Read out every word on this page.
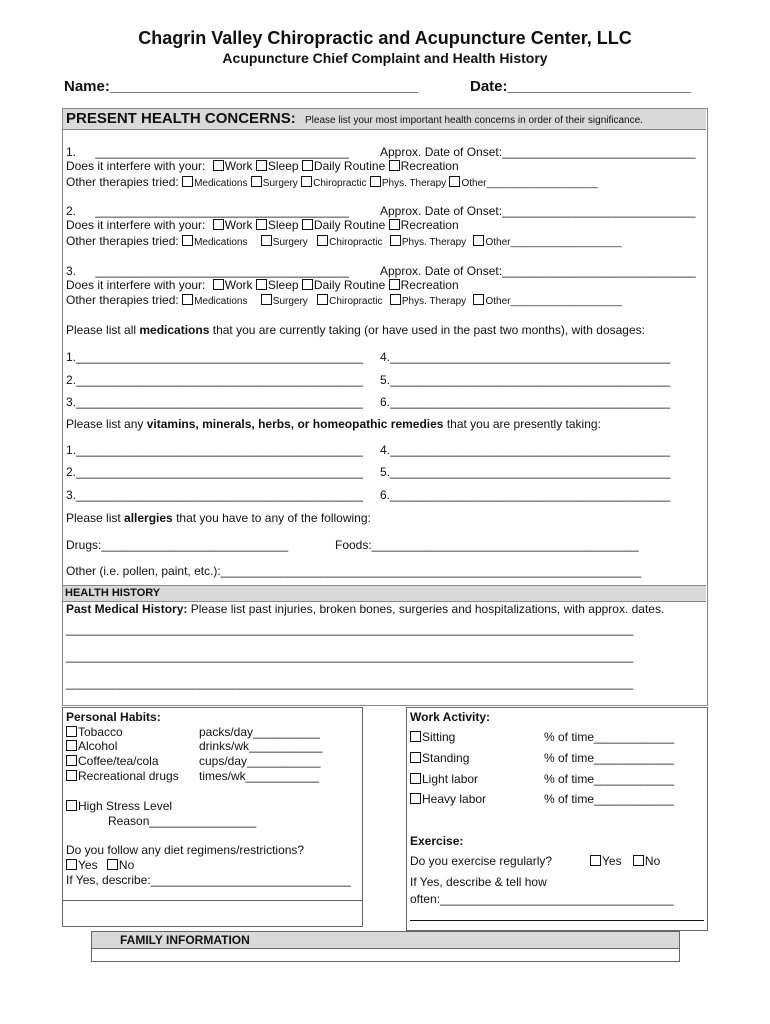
Chagrin Valley Chiropractic and Acupuncture Center, LLC
Acupuncture Chief Complaint and Health History
Name:_____________________________________	Date:______________________
PRESENT HEALTH CONCERNS: Please list your most important health concerns in order of their significance.
1. ______________________________________	Approx. Date of Onset:_____________________________
Does it interfere with your: Work Sleep Daily Routine Recreation
Other therapies tried: Medications Surgery Chiropractic Phys. Therapy Other____________________
2. ______________________________________	Approx. Date of Onset:_____________________________
Does it interfere with your: Work Sleep Daily Routine Recreation
Other therapies tried: Medications	Surgery Chiropractic Phys. Therapy Other____________________
3. ______________________________________	Approx. Date of Onset:_____________________________
Does it interfere with your: Work Sleep Daily Routine Recreation
Other therapies tried: Medications	Surgery Chiropractic Phys. Therapy Other____________________
Please list all medications that you are currently taking (or have used in the past two months), with dosages:
1.___________________________________________
2.___________________________________________
3.___________________________________________
4.__________________________________________
5.__________________________________________
6.__________________________________________
Please list any vitamins, minerals, herbs, or homeopathic remedies that you are presently taking:
1.___________________________________________
2.___________________________________________
3.___________________________________________
4.__________________________________________
5.__________________________________________
6.__________________________________________
Please list allergies that you have to any of the following:
Drugs:____________________________	Foods:________________________________________
Other (i.e. pollen, paint, etc.):_______________________________________________________________
HEALTH HISTORY
Past Medical History: Please list past injuries, broken bones, surgeries and hospitalizations, with approx. dates.
_____________________________________________________________________________________
_____________________________________________________________________________________
_____________________________________________________________________________________
Personal Habits:
Tobacco	packs/day__________
Alcohol	drinks/wk___________
Coffee/tea/cola	cups/day___________
Recreational drugs times/wk___________
High Stress Level
Reason________________
Do you follow any diet regimens/restrictions?
Yes No
If Yes, describe:______________________________
Work Activity:
Sitting	% of time____________
Standing	% of time____________
Light labor	% of time____________
Heavy labor	% of time____________
Exercise:
Do you exercise regularly?	Yes No
If Yes, describe & tell how
often:___________________________________
FAMILY INFORMATION
